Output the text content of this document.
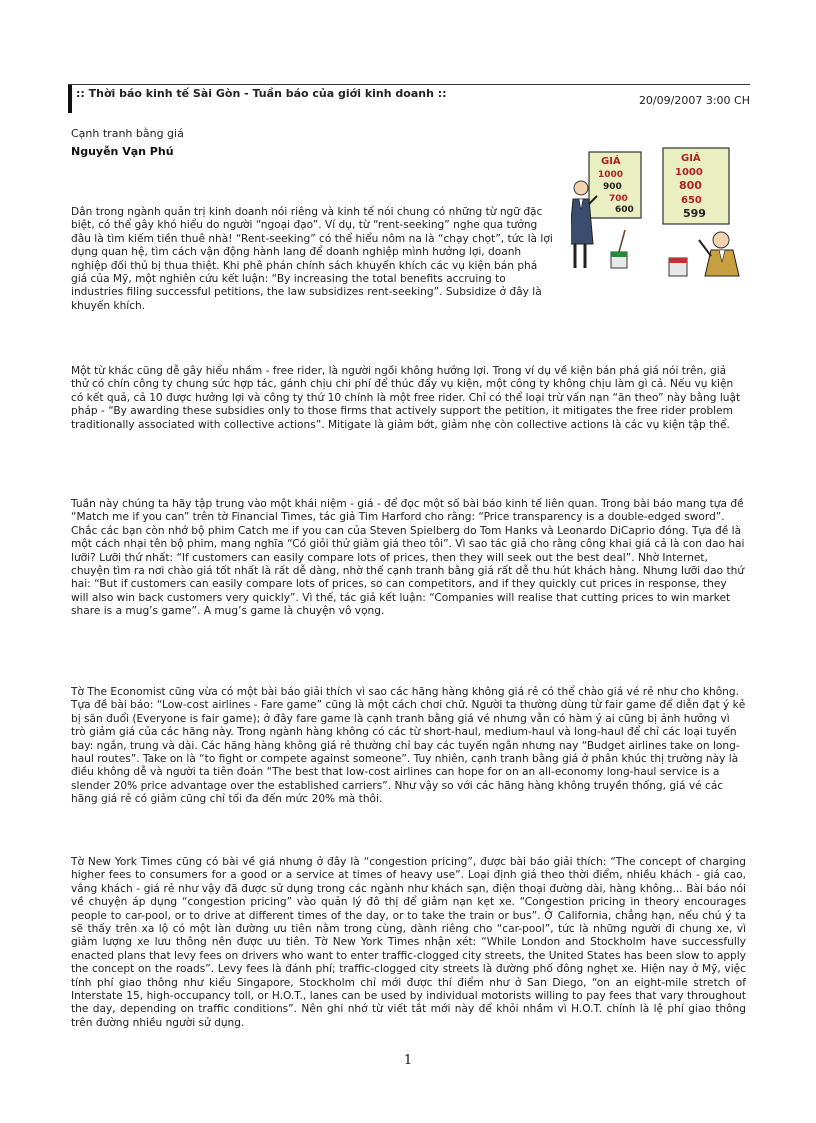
:: Thời báo kinh tế Sài Gòn - Tuần báo của giới kinh doanh ::
20/09/2007 3:00 CH
Cạnh tranh bằng giá
Nguyễn Vạn Phú
GIÁ
1000
900
700
600
GIÁ
1000
800
650
599

Dân trong ngành quản trị kinh doanh nói riêng và kinh tế nói chung có những từ ngữ đặc biệt, có thể gây khó hiểu do người “ngoại đạo”. Ví dụ, từ “rent-seeking” nghe qua tưởng đâu là tìm kiếm tiền thuê nhà! “Rent-seeking” có thể hiểu nôm na là “chạy chọt”, tức là lợi dụng quan hệ, tìm cách vận động hành lang để doanh nghiệp mình hưởng lợi, doanh nghiệp đối thủ bị thua thiệt. Khi phê phán chính sách khuyến khích các vụ kiện bán phá giá của Mỹ, một nghiên cứu kết luận: “By increasing the total benefits accruing to industries filing successful petitions, the law subsidizes rent-seeking”. Subsidize ở đây là khuyến khích.

Một từ khác cũng dễ gây hiểu nhầm - free rider, là người ngồi không hưởng lợi. Trong ví dụ về kiện bán phá giá nói trên, giả thử có chín công ty chung sức hợp tác, gánh chịu chi phí để thúc đẩy vụ kiện, một công ty không chịu làm gì cả. Nếu vụ kiện có kết quả, cả 10 được hưởng lợi và công ty thứ 10 chính là một free rider. Chỉ có thể loại trừ vấn nạn “ăn theo” này bằng luật pháp - “By awarding these subsidies only to those firms that actively support the petition, it mitigates the free rider problem traditionally associated with collective actions”. Mitigate là giảm bớt, giảm nhẹ còn collective actions là các vụ kiện tập thể.

Tuần này chúng ta hãy tập trung vào một khái niệm - giá - để đọc một số bài báo kinh tế liên quan. Trong bài báo mang tựa đề “Match me if you can” trên tờ Financial Times, tác giả Tim Harford cho rằng: “Price transparency is a double-edged sword”. Chắc các bạn còn nhớ bộ phim Catch me if you can của Steven Spielberg do Tom Hanks và Leonardo DiCaprio đóng. Tựa đề là một cách nhại tên bộ phim, mang nghĩa “Có giỏi thử giảm giá theo tôi”. Vì sao tác giả cho rằng công khai giá cả là con dao hai lưỡi? Lưỡi thứ nhất: “If customers can easily compare lots of prices, then they will seek out the best deal”. Nhờ Internet, chuyện tìm ra nơi chào giá tốt nhất là rất dễ dàng, nhờ thế cạnh tranh bằng giá rất dễ thu hút khách hàng. Nhưng lưỡi dao thứ hai: “But if customers can easily compare lots of prices, so can competitors, and if they quickly cut prices in response, they will also win back customers very quickly”. Vì thế, tác giả kết luận: “Companies will realise that cutting prices to win market share is a mug’s game”. A mug’s game là chuyện vô vọng.

Tờ The Economist cũng vừa có một bài báo giải thích vì sao các hãng hàng không giá rẻ có thể chào giá vé rẻ như cho không. Tựa đề bài báo: “Low-cost airlines - Fare game” cũng là một cách chơi chữ. Người ta thường dùng từ fair game để diễn đạt ý kẻ bị săn đuổi (Everyone is fair game); ở đây fare game là cạnh tranh bằng giá vé nhưng vẫn có hàm ý ai cũng bị ảnh hưởng vì trò giảm giá của các hãng này. Trong ngành hàng không có các từ short-haul, medium-haul và long-haul để chỉ các loại tuyến bay: ngắn, trung và dài. Các hãng hàng không giá rẻ thường chỉ bay các tuyến ngắn nhưng nay “Budget airlines take on long-haul routes”. Take on là “to fight or compete against someone”. Tuy nhiên, cạnh tranh bằng giá ở phân khúc thị trường này là điều không dễ và người ta tiên đoán “The best that low-cost airlines can hope for on an all-economy long-haul service is a slender 20% price advantage over the established carriers”. Như vậy so với các hãng hàng không truyền thống, giá vé các hãng giá rẻ có giảm cũng chỉ tối đa đến mức 20% mà thôi.

Tờ New York Times cũng có bài về giá nhưng ở đây là “congestion pricing”, được bài báo giải thích: “The concept of charging higher fees to consumers for a good or a service at times of heavy use”. Loại định giá theo thời điểm, nhiều khách - giá cao, vắng khách - giá rẻ như vậy đã được sử dụng trong các ngành như khách sạn, điện thoại đường dài, hàng không... Bài báo nói về chuyện áp dụng “congestion pricing” vào quản lý đô thị để giảm nạn kẹt xe. “Congestion pricing in theory encourages people to car-pool, or to drive at different times of the day, or to take the train or bus”. Ở California, chẳng hạn, nếu chú ý ta sẽ thấy trên xa lộ có một làn đường ưu tiên nằm trong cùng, dành riêng cho “car-pool”, tức là những người đi chung xe, vì giảm lượng xe lưu thông nên được ưu tiên. Tờ New York Times nhận xét: “While London and Stockholm have successfully enacted plans that levy fees on drivers who want to enter traffic-clogged city streets, the United States has been slow to apply the concept on the roads”. Levy fees là đánh phí; traffic-clogged city streets là đường phố đông nghẹt xe. Hiện nay ở Mỹ, việc tính phí giao thông như kiểu Singapore, Stockholm chỉ mới được thí điểm như ở San Diego, “on an eight-mile stretch of Interstate 15, high-occupancy toll, or H.O.T., lanes can be used by individual motorists willing to pay fees that vary throughout the day, depending on traffic conditions”. Nên ghi nhớ từ viết tắt mới này để khỏi nhầm vì H.O.T. chính là lệ phí giao thông trên đường nhiều người sử dụng.

1
